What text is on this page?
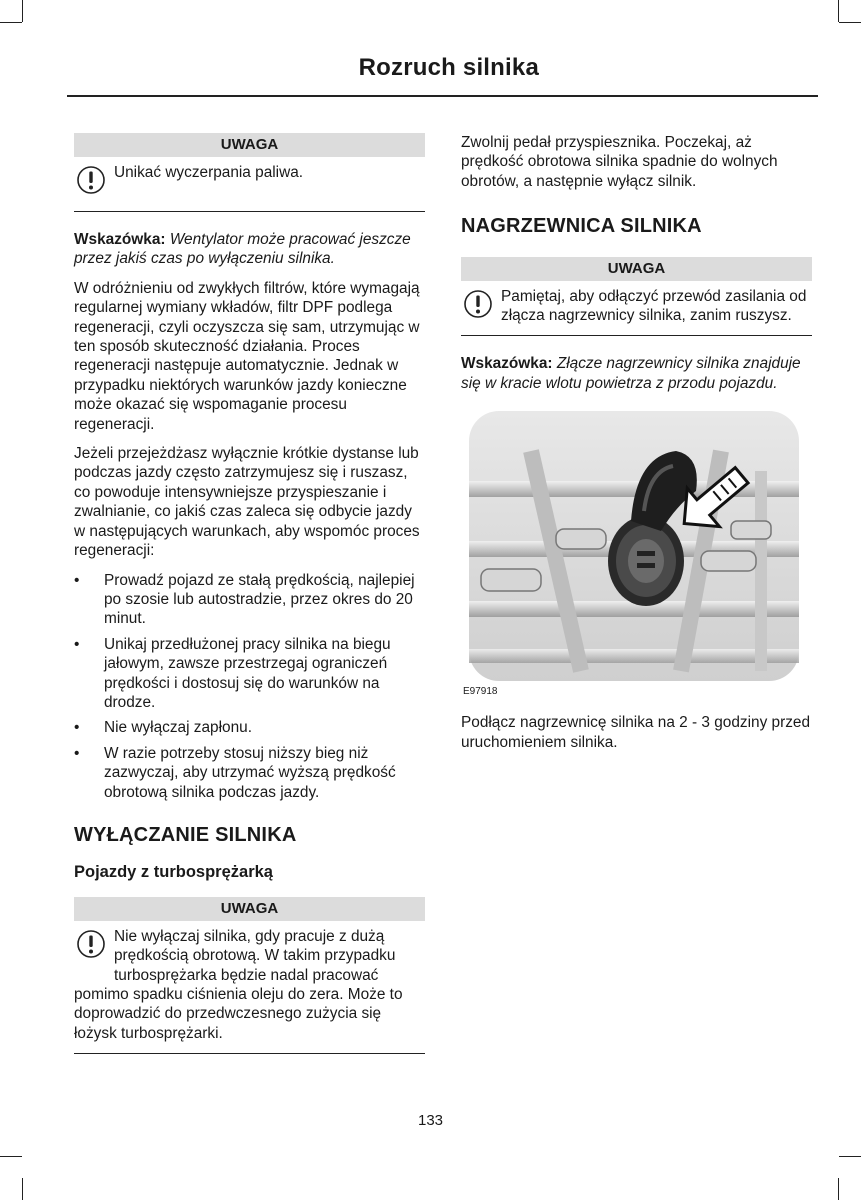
Rozruch silnika
UWAGA

Unikać wyczerpania paliwa.

Wskazówka: Wentylator może pracować jeszcze przez jakiś czas po wyłączeniu silnika.

W odróżnieniu od zwykłych filtrów, które wymagają regularnej wymiany wkładów, filtr DPF podlega regeneracji, czyli oczyszcza się sam, utrzymując w ten sposób skuteczność działania. Proces regeneracji następuje automatycznie. Jednak w przypadku niektórych warunków jazdy konieczne może okazać się wspomaganie procesu regeneracji.

Jeżeli przejeżdżasz wyłącznie krótkie dystanse lub podczas jazdy często zatrzymujesz się i ruszasz, co powoduje intensywniejsze przyspieszanie i zwalnianie, co jakiś czas zaleca się odbycie jazdy w następujących warunkach, aby wspomóc proces regeneracji:

• Prowadź pojazd ze stałą prędkością, najlepiej po szosie lub autostradzie, przez okres do 20 minut.
• Unikaj przedłużonej pracy silnika na biegu jałowym, zawsze przestrzegaj ograniczeń prędkości i dostosuj się do warunków na drodze.
• Nie wyłączaj zapłonu.
• W razie potrzeby stosuj niższy bieg niż zazwyczaj, aby utrzymać wyższą prędkość obrotową silnika podczas jazdy.
WYŁĄCZANIE SILNIKA
Pojazdy z turbosprężarką
UWAGA

Nie wyłączaj silnika, gdy pracuje z dużą prędkością obrotową. W takim przypadku turbosprężarka będzie nadal pracować pomimo spadku ciśnienia oleju do zera. Może to doprowadzić do przedwczesnego zużycia się łożysk turbosprężarki.

Zwolnij pedał przyspiesznika. Poczekaj, aż prędkość obrotowa silnika spadnie do wolnych obrotów, a następnie wyłącz silnik.

NAGRZEWNICA SILNIKA
UWAGA

Pamiętaj, aby odłączyć przewód zasilania od złącza nagrzewnicy silnika, zanim ruszysz.

Wskazówka: Złącze nagrzewnicy silnika znajduje się w kracie wlotu powietrza z przodu pojazdu.

E97918

Podłącz nagrzewnicę silnika na 2 - 3 godziny przed uruchomieniem silnika.

133
